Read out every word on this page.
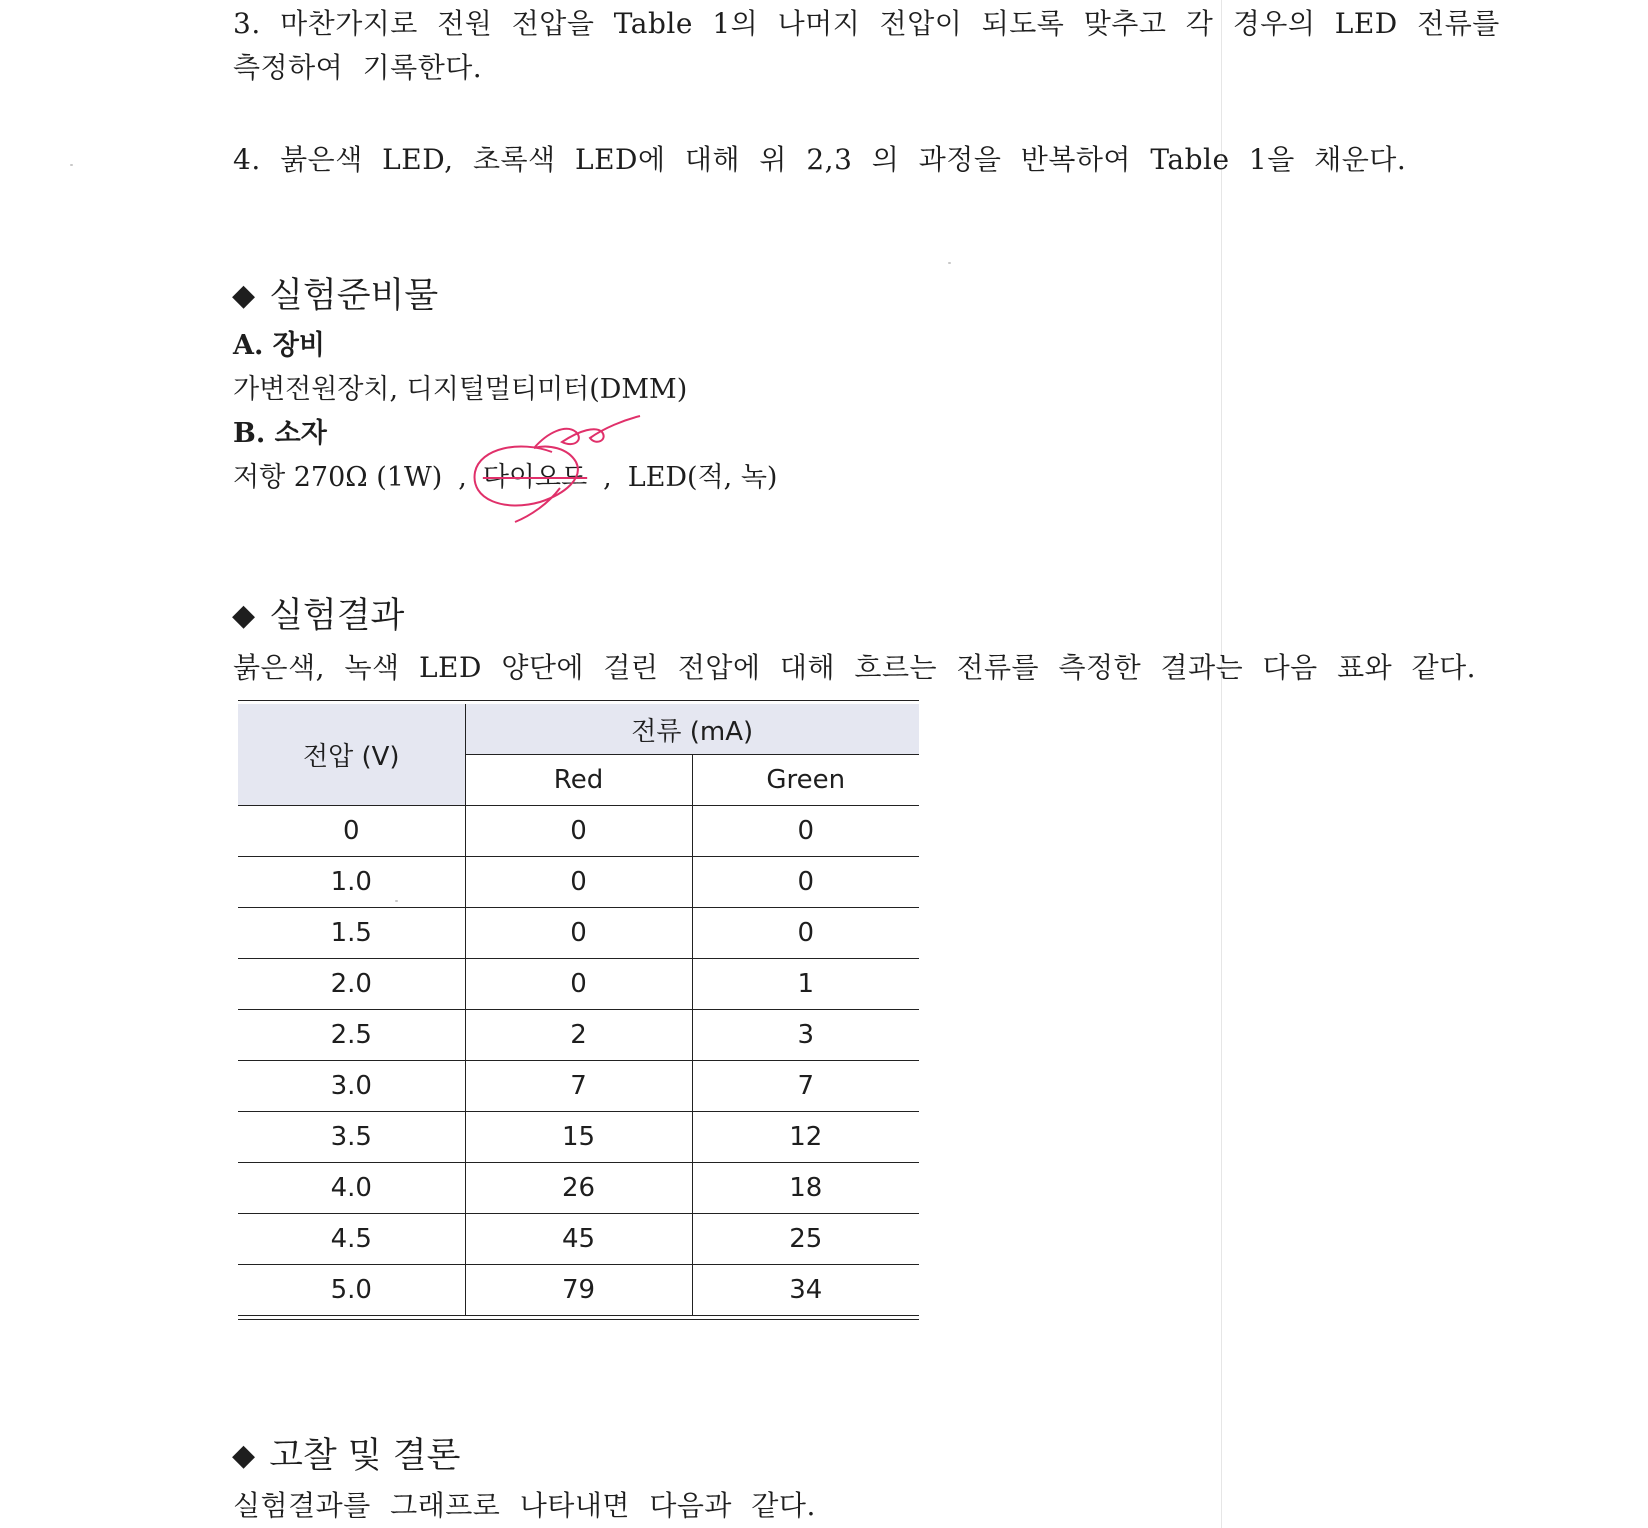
3. 마찬가지로 전원 전압을 Table 1의 나머지 전압이 되도록 맞추고 각 경우의 LED 전류를

측정하여 기록한다.

4. 붉은색 LED, 초록색 LED에 대해 위 2,3 의 과정을 반복하여 Table 1을 채운다.

◆ 실험준비물

A. 장비

가변전원장치, 디지털멀티미터(DMM)

B. 소자

저항 270Ω (1W) , 다이오드 , LED(적, 녹)

◆ 실험결과

붉은색, 녹색 LED 양단에 걸린 전압에 대해 흐르는 전류를 측정한 결과는 다음 표와 같다.

전압 (V)	전류 (mA)	
	Red	Green
0	0	0
1.0	0	0
1.5	0	0
2.0	0	1
2.5	2	3
3.0	7	7
3.5	15	12
4.0	26	18
4.5	45	25
5.0	79	34
◆ 고찰 및 결론

실험결과를 그래프로 나타내면 다음과 같다.
